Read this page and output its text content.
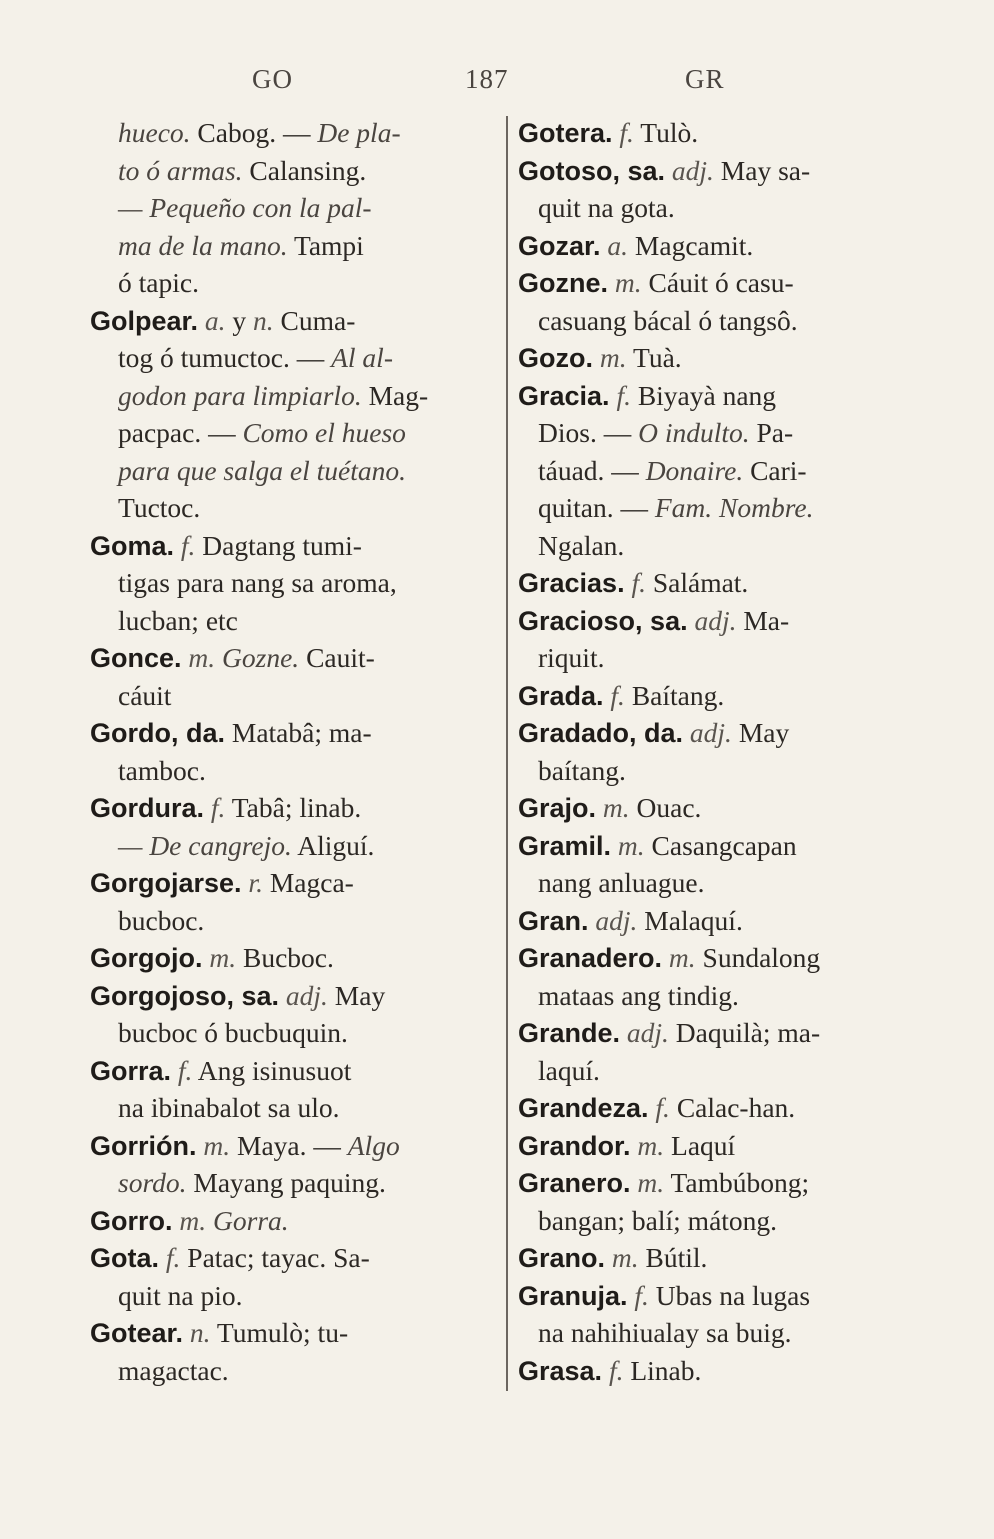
GO	187	GR
hueco. Cabog. — De pla-
to ó armas. Calansing.
— Pequeño con la pal-
ma de la mano. Tampi
ó tapic.
Golpear. a. y n. Cuma-
tog ó tumuctoc. — Al al-
godon para limpiarlo. Mag-
pacpac. — Como el hueso
para que salga el tuétano.
Tuctoc.
Goma. f. Dagtang tumi-
tigas para nang sa aroma,
lucban; etc
Gonce. m. Gozne. Cauit-
cáuit
Gordo, da. Matabâ; ma-
tamboc.
Gordura. f. Tabâ; linab.
— De cangrejo. Aliguí.
Gorgojarse. r. Magca-
bucboc.
Gorgojo. m. Bucboc.
Gorgojoso, sa. adj. May
bucboc ó bucbuquin.
Gorra. f. Ang isinusuot
na ibinabalot sa ulo.
Gorrión. m. Maya. — Algo
sordo. Mayang paquing.
Gorro. m. Gorra.
Gota. f. Patac; tayac. Sa-
quit na pio.
Gotear. n. Tumulò; tu-
magactac.
Gotera. f. Tulò.
Gotoso, sa. adj. May sa-
quit na gota.
Gozar. a. Magcamit.
Gozne. m. Cáuit ó casu-
casuang bácal ó tangsô.
Gozo. m. Tuà.
Gracia. f. Biyayà nang
Dios. — O indulto. Pa-
táuad. — Donaire. Cari-
quitan. — Fam. Nombre.
Ngalan.
Gracias. f. Salámat.
Gracioso, sa. adj. Ma-
riquit.
Grada. f. Baítang.
Gradado, da. adj. May
baítang.
Grajo. m. Ouac.
Gramil. m. Casangcapan
nang anluague.
Gran. adj. Malaquí.
Granadero. m. Sundalong
mataas ang tindig.
Grande. adj. Daquilà; ma-
laquí.
Grandeza. f. Calac-han.
Grandor. m. Laquí
Granero. m. Tambúbong;
bangan; balí; mátong.
Grano. m. Bútil.
Granuja. f. Ubas na lugas
na nahihiualay sa buig.
Grasa. f. Linab.
